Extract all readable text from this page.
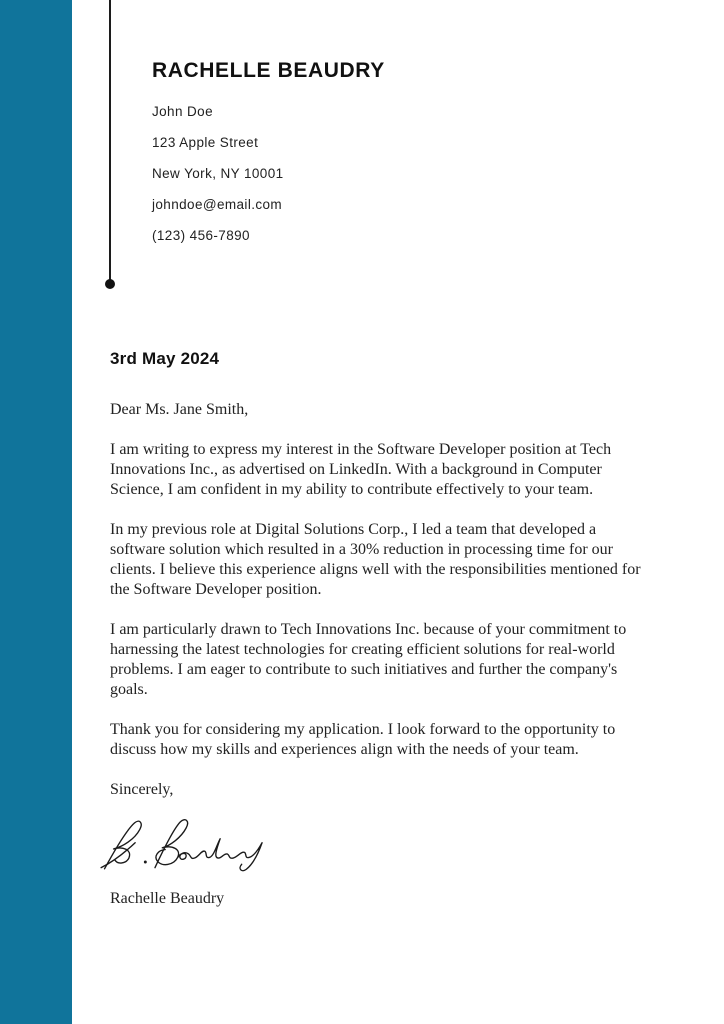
RACHELLE BEAUDRY
John Doe
123 Apple Street
New York, NY 10001
johndoe@email.com
(123) 456-7890
3rd May 2024
Dear Ms. Jane Smith,

I am writing to express my interest in the Software Developer position at Tech Innovations Inc., as advertised on LinkedIn. With a background in Computer Science, I am confident in my ability to contribute effectively to your team.

In my previous role at Digital Solutions Corp., I led a team that developed a software solution which resulted in a 30% reduction in processing time for our clients. I believe this experience aligns well with the responsibilities mentioned for the Software Developer position.

I am particularly drawn to Tech Innovations Inc. because of your commitment to harnessing the latest technologies for creating efficient solutions for real-world problems. I am eager to contribute to such initiatives and further the company's goals.

Thank you for considering my application. I look forward to the opportunity to discuss how my skills and experiences align with the needs of your team.

Sincerely,
Rachelle Beaudry
